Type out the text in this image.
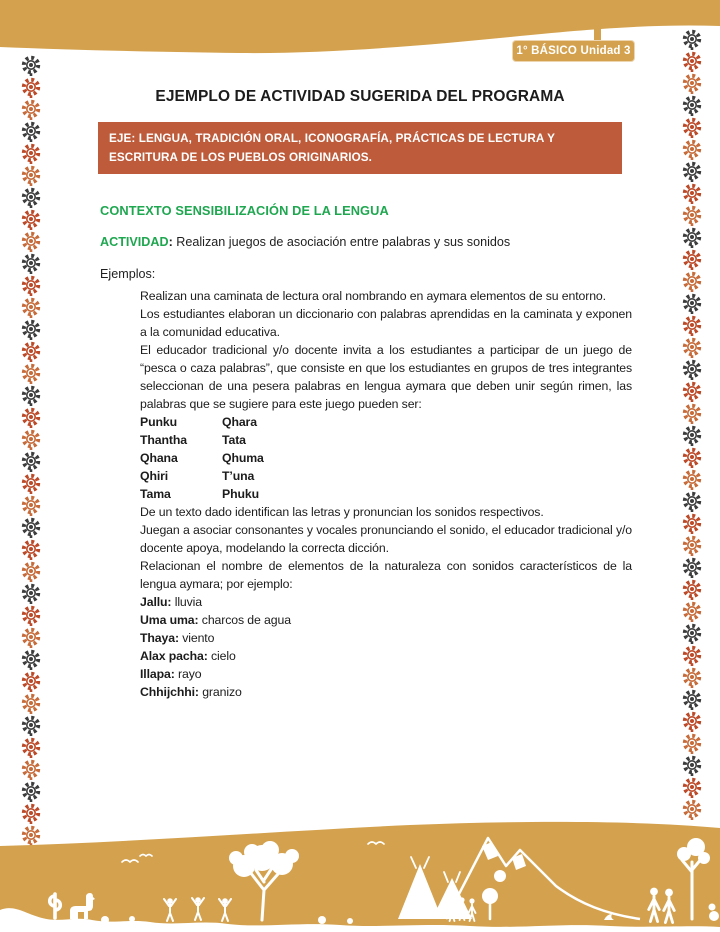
1° BÁSICO Unidad 3
EJEMPLO DE ACTIVIDAD SUGERIDA DEL PROGRAMA
EJE: LENGUA, TRADICIÓN ORAL, ICONOGRAFÍA, PRÁCTICAS DE LECTURA Y ESCRITURA DE LOS PUEBLOS ORIGINARIOS.
CONTEXTO SENSIBILIZACIÓN DE LA LENGUA
ACTIVIDAD: Realizan juegos de asociación entre palabras y sus sonidos
Ejemplos:

Realizan una caminata de lectura oral nombrando en aymara elementos de su entorno.

Los estudiantes elaboran un diccionario con palabras aprendidas en la caminata y exponen a la comunidad educativa.

El educador tradicional y/o docente invita a los estudiantes a participar de un juego de “pesca o caza palabras”, que consiste en que los estudiantes en grupos de tres integrantes seleccionan de una pesera palabras en lengua aymara que deben unir según rimen, las palabras que se sugiere para este juego pueden ser:

Punku	Qhara
Thantha	Tata
Qhana	Qhuma
Qhiri	T’una
Tama	Phuku

De un texto dado identifican las letras y pronuncian los sonidos respectivos.

Juegan a asociar consonantes y vocales pronunciando el sonido, el educador tradicional y/o docente apoya, modelando la correcta dicción.

Relacionan el nombre de elementos de la naturaleza con sonidos característicos de la lengua aymara; por ejemplo:

Jallu: lluvia
Uma uma: charcos de agua
Thaya: viento
Alax pacha: cielo
Illapa: rayo
Chhijchhi: granizo
